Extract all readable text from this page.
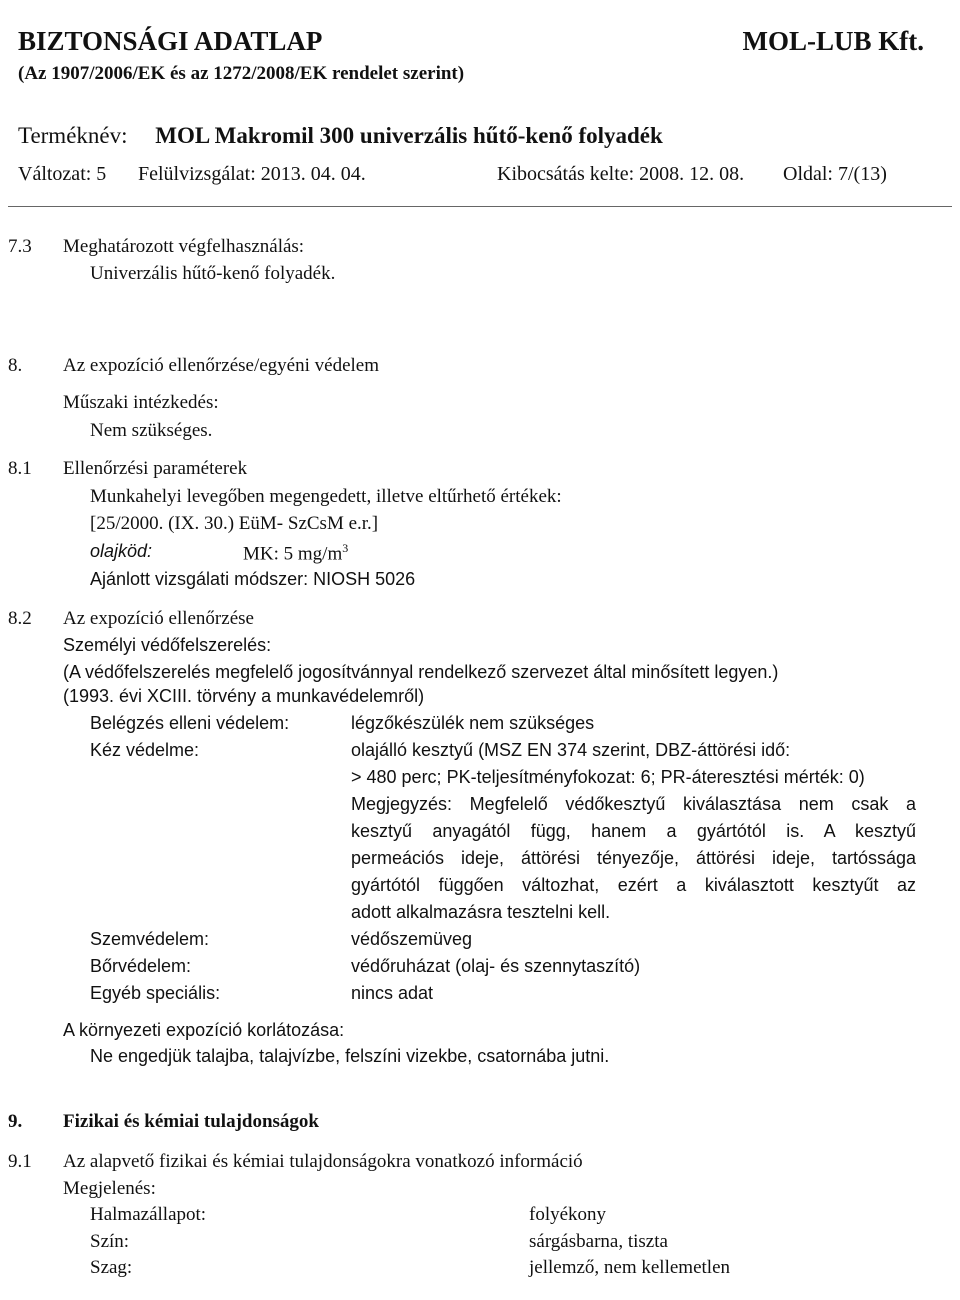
BIZTONSÁGI ADATLAP	MOL-LUB Kft.
(Az 1907/2006/EK és az 1272/2008/EK rendelet szerint)
Terméknév: MOL Makromil 300 univerzális hűtő-kenő folyadék
Változat: 5 Felülvizsgálat: 2013. 04. 04.	Kibocsátás kelte: 2008. 12. 08. Oldal: 7/(13)
7.3 Meghatározott végfelhasználás:
Univerzális hűtő-kenő folyadék.
Az expozíció ellenőrzése/egyéni védelem
8.
Műszaki intézkedés:
Nem szükséges.
8.1 Ellenőrzési paraméterek
Munkahelyi levegőben megengedett, illetve eltűrhető értékek:
[25/2000. (IX. 30.) EüM- SzCsM e.r.]
olajköd:	MK: 5 $mg/m^3$
Ajánlott vizsgálati módszer: NIOSH 5026
8.2 Az expozíció ellenőrzése
Személyi védőfelszerelés:
(A védőfelszerelés megfelelő jogosítvánnyal rendelkező szervezet által minősített legyen.)
(1993. évi XCIII. törvény a munkavédelemről)
Belégzés elleni védelem:	légzőkészülék nem szükséges
Kéz védelme:	olajálló kesztyű (MSZ EN 374 szerint, DBZ-áttörési idő:
> 480 perc; PK-teljesítményfokozat: 6; PR-áteresztési mérték: 0)
Megjegyzés: Megfelelő védőkesztyű kiválasztása nem csak a
kesztyű anyagától függ, hanem a gyártótól is. A kesztyű
permeációs ideje, áttörési tényezője, áttörési ideje, tartóssága
gyártótól függően változhat, ezért a kiválasztott kesztyűt az
adott alkalmazásra tesztelni kell.
Szemvédelem:	védőszemüveg
Bőrvédelem:	védőruházat (olaj- és szennytaszító)
Egyéb speciális:	nincs adat
A környezeti expozíció korlátozása:
Ne engedjük talajba, talajvízbe, felszíni vizekbe, csatornába jutni.
9. Fizikai és kémiai tulajdonságok
9.1 Az alapvető fizikai és kémiai tulajdonságokra vonatkozó információ
Megjelenés:
Halmazállapot:	folyékony
Szín:	sárgásbarna, tiszta
Szag:	jellemző, nem kellemetlen
